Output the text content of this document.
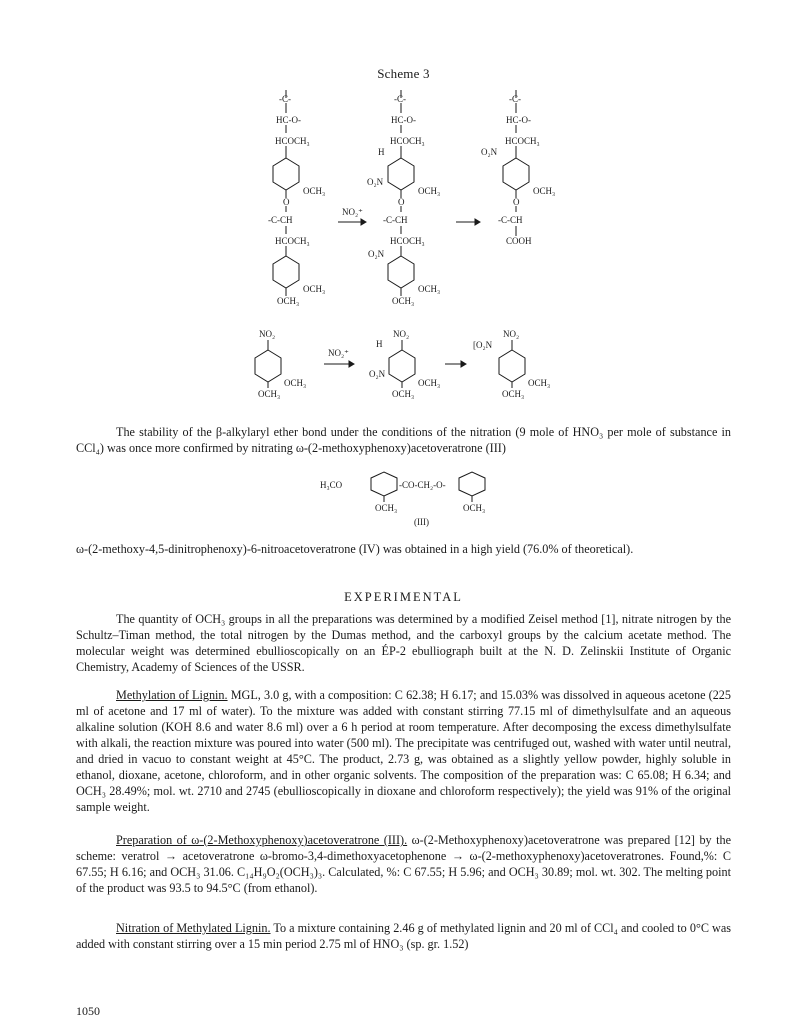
Scheme 3
-C-
HC-O-
HCOCH₃
OCH₃
O
-C-CH
HCOCH₃
OCH₃
OCH₃
-C-
HC-O-
HCOCH₃
H
O₂N
OCH₃
O
NO₂⁺
-C-CH
HCOCH₃
O₂N
OCH₃
OCH₃
-C-
HC-O-
HCOCH₃
O₂N
OCH₃
O
-C-CH
COOH
NO₂
OCH₃
OCH₃
NO₂⁺
NO₂
H
O₂N
OCH₃
OCH₃
NO₂
[O₂N
OCH₃
OCH₃

The stability of the β-alkylaryl ether bond under the conditions of the nitration (9 mole of HNO₃ per mole of substance in CCl₄) was once more confirmed by nitrating ω-(2-methoxyphenoxy)acetoveratrone (III)

H₃CO	-CO-CH₂-O-
OCH₃	OCH₃
(III)

ω-(2-methoxy-4,5-dinitrophenoxy)-6-nitroacetoveratrone (IV) was obtained in a high yield (76.0% of theoretical).

EXPERIMENTAL

The quantity of OCH₃ groups in all the preparations was determined by a modified Zeisel method [1], nitrate nitrogen by the Schultz–Timan method, the total nitrogen by the Dumas method, and the carboxyl groups by the calcium acetate method. The molecular weight was determined ebullioscopically on an ÉP-2 ebulliograph built at the N. D. Zelinskii Institute of Organic Chemistry, Academy of Sciences of the USSR.

Methylation of Lignin. MGL, 3.0 g, with a composition: C 62.38; H 6.17; and 15.03% was dissolved in aqueous acetone (225 ml of acetone and 17 ml of water). To the mixture was added with constant stirring 77.15 ml of dimethylsulfate and an aqueous alkaline solution (KOH 8.6 and water 8.6 ml) over a 6 h period at room temperature. After decomposing the excess dimethylsulfate with alkali, the reaction mixture was poured into water (500 ml). The precipitate was centrifuged out, washed with water until neutral, and dried in vacuo to constant weight at 45°C. The product, 2.73 g, was obtained as a slightly yellow powder, highly soluble in ethanol, dioxane, acetone, chloroform, and in other organic solvents. The composition of the preparation was: C 65.08; H 6.34; and OCH₃ 28.49%; mol. wt. 2710 and 2745 (ebullioscopically in dioxane and chloroform respectively); the yield was 91% of the original sample weight.

Preparation of ω-(2-Methoxyphenoxy)acetoveratrone (III). ω-(2-Methoxyphenoxy)acetoveratrone was prepared [12] by the scheme: veratrol → acetoveratrone ω-bromo-3,4-dimethoxyacetophenone → ω-(2-methoxyphenoxy)acetoveratrones. Found,%: C 67.55; H 6.16; and OCH₃ 31.06. C₁₄H₉O₂(OCH₃)₃. Calculated, %: C 67.55; H 5.96; and OCH₃ 30.89; mol. wt. 302. The melting point of the product was 93.5 to 94.5°C (from ethanol).

Nitration of Methylated Lignin. To a mixture containing 2.46 g of methylated lignin and 20 ml of CCl₄ and cooled to 0°C was added with constant stirring over a 15 min period 2.75 ml of HNO₃ (sp. gr. 1.52)

1050
